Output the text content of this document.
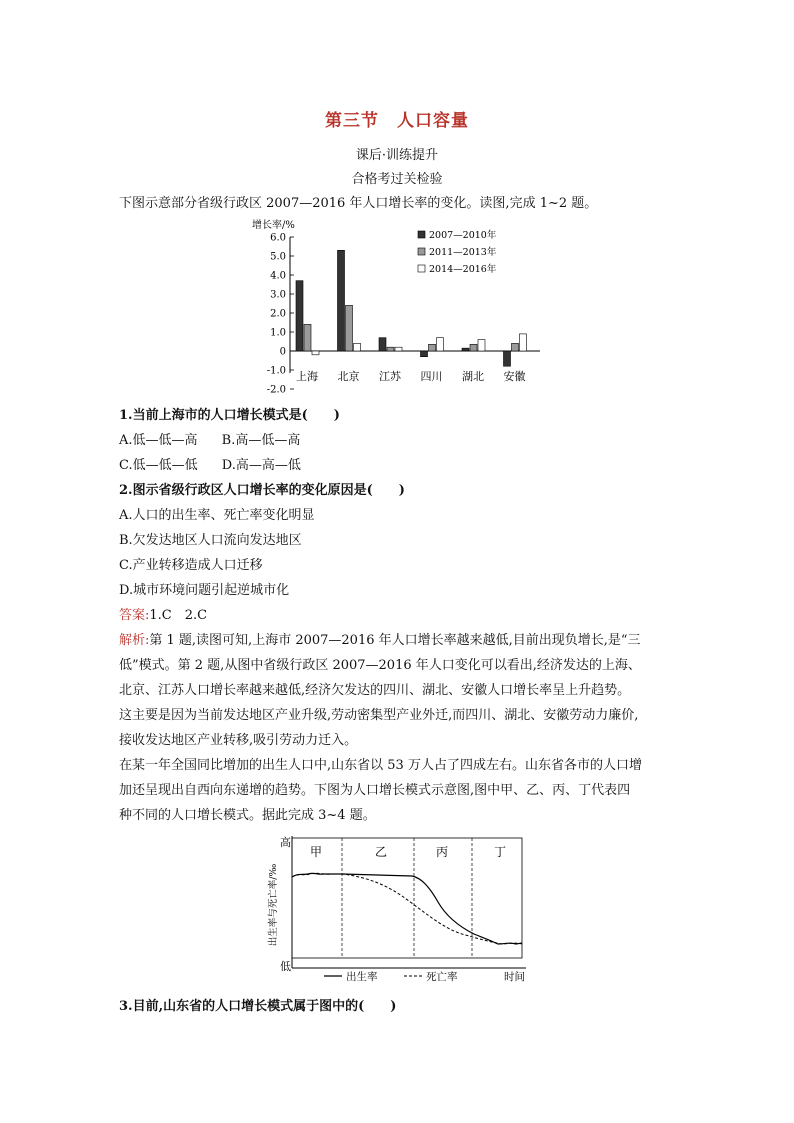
第三节　人口容量
课后·训练提升
合格考过关检验
下图示意部分省级行政区 2007—2016 年人口增长率的变化。读图,完成 1~2 题。
增长率/%
6.0
5.0
4.0
3.0
2.0
1.0
0
-1.0
-2.0
上海 北京 江苏 四川 湖北 安徽
2007—2010年
2011—2013年
2014—2016年
1.当前上海市的人口增长模式是(　　)
A.低—低—高 B.高—低—高
C.低—低—低 D.高—高—低
2.图示省级行政区人口增长率的变化原因是(　　)
A.人口的出生率、死亡率变化明显
B.欠发达地区人口流向发达地区
C.产业转移造成人口迁移
D.城市环境问题引起逆城市化
答案:1.C　2.C
解析:第 1 题,读图可知,上海市 2007—2016 年人口增长率越来越低,目前出现负增长,是“三
低”模式。第 2 题,从图中省级行政区 2007—2016 年人口变化可以看出,经济发达的上海、
北京、江苏人口增长率越来越低,经济欠发达的四川、湖北、安徽人口增长率呈上升趋势。
这主要是因为当前发达地区产业升级,劳动密集型产业外迁,而四川、湖北、安徽劳动力廉价,
接收发达地区产业转移,吸引劳动力迁入。
在某一年全国同比增加的出生人口中,山东省以 53 万人占了四成左右。山东省各市的人口增
加还呈现出自西向东递增的趋势。下图为人口增长模式示意图,图中甲、乙、丙、丁代表四
种不同的人口增长模式。据此完成 3~4 题。
高
低
出生率与死亡率/‰
甲	乙	丙	丁
出生率	死亡率	时间
3.目前,山东省的人口增长模式属于图中的(　　)
